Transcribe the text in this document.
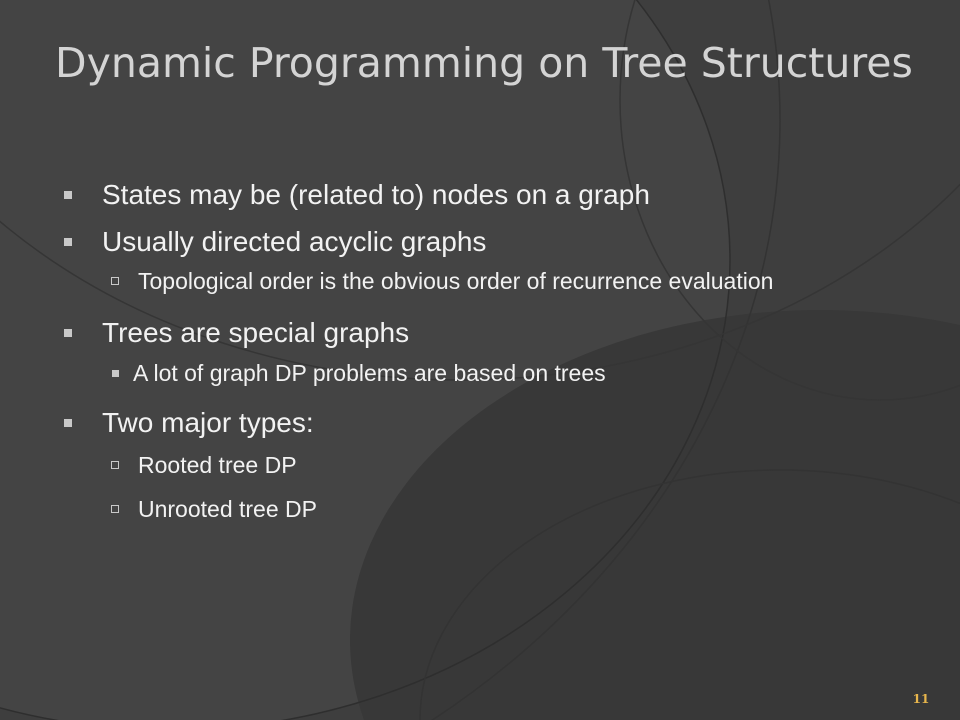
Dynamic Programming on Tree Structures
States may be (related to) nodes on a graph
Usually directed acyclic graphs
Topological order is the obvious order of recurrence evaluation
Trees are special graphs
A lot of graph DP problems are based on trees
Two major types:
Rooted tree DP
Unrooted tree DP
11
